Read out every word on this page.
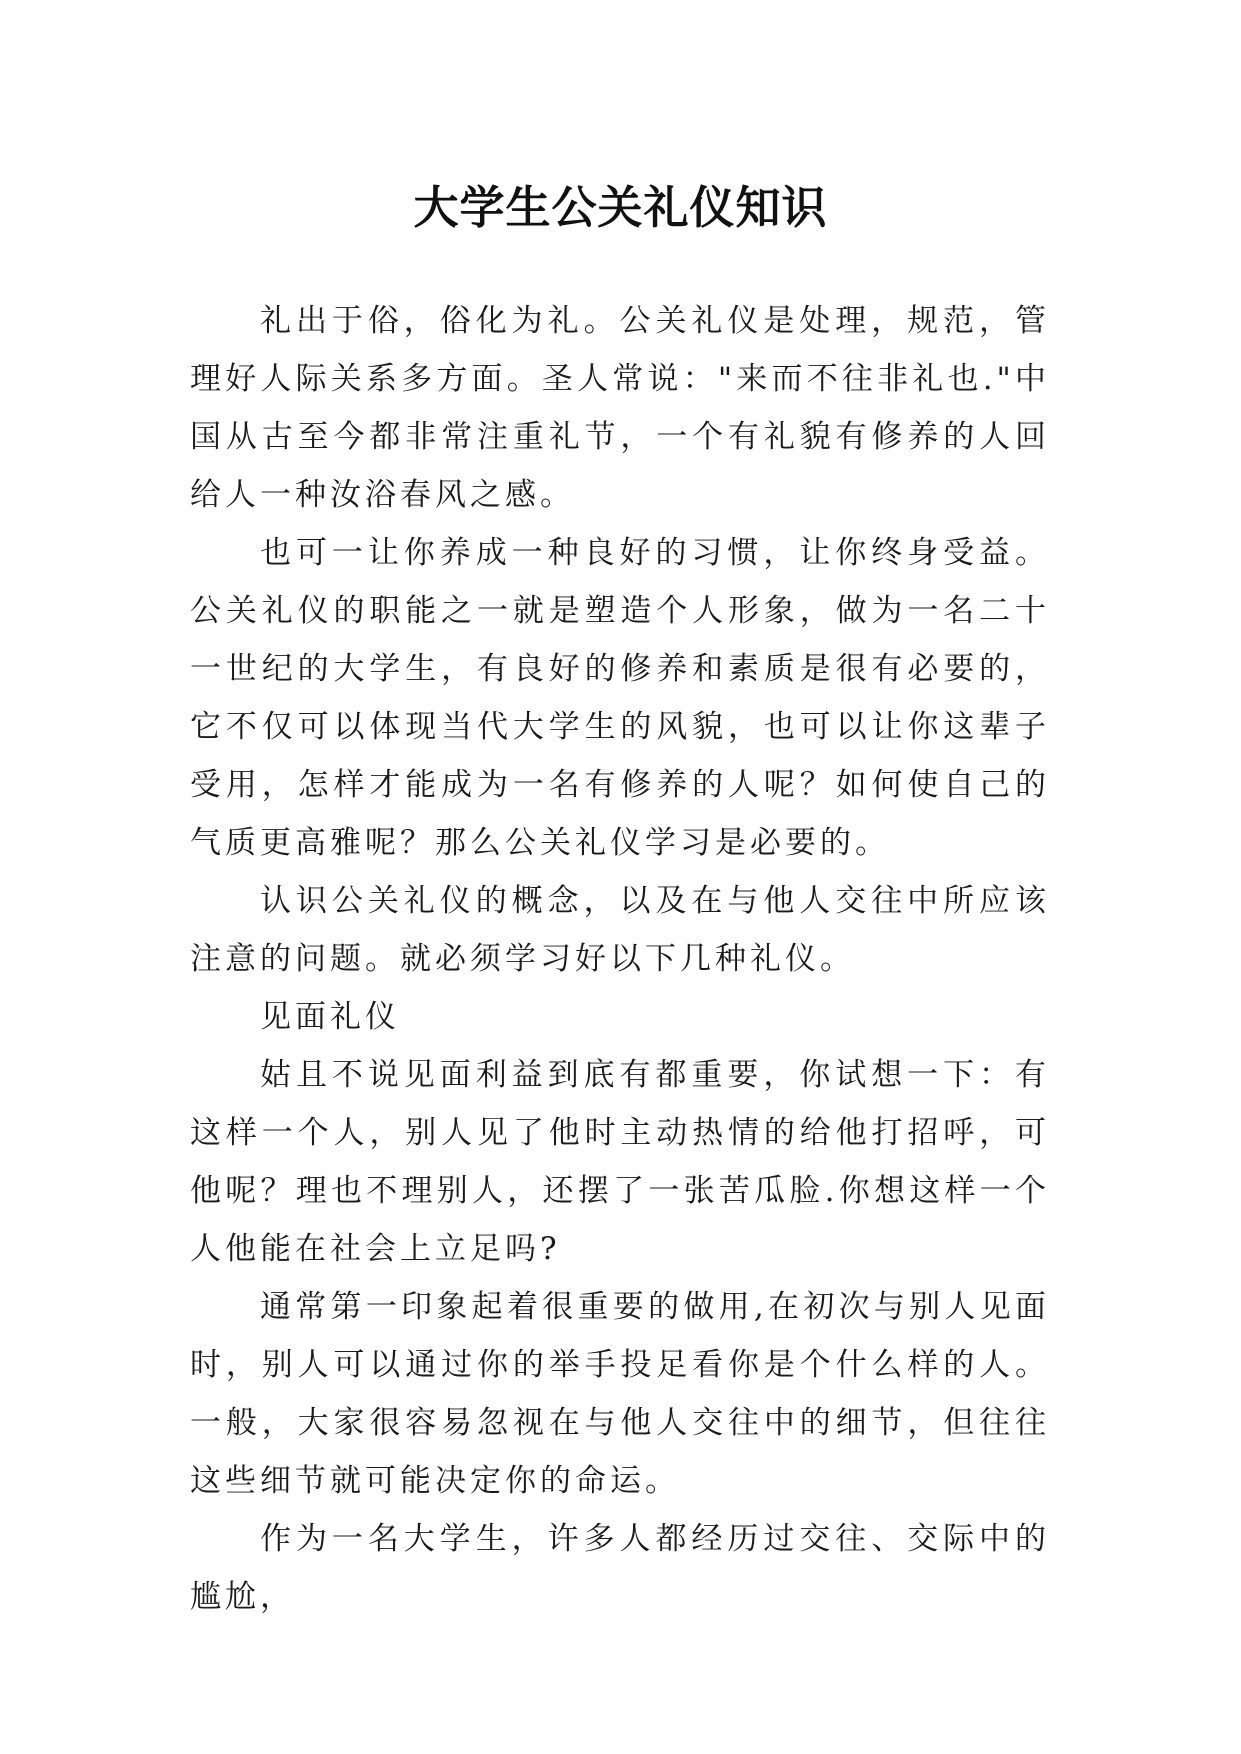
大学生公关礼仪知识

礼出于俗，俗化为礼。公关礼仪是处理，规范，管理好人际关系多方面。圣人常说："来而不往非礼也."中国从古至今都非常注重礼节，一个有礼貌有修养的人回给人一种汝浴春风之感。

也可一让你养成一种良好的习惯，让你终身受益。公关礼仪的职能之一就是塑造个人形象，做为一名二十一世纪的大学生，有良好的修养和素质是很有必要的，它不仅可以体现当代大学生的风貌，也可以让你这辈子受用，怎样才能成为一名有修养的人呢？如何使自己的气质更高雅呢？那么公关礼仪学习是必要的。

认识公关礼仪的概念，以及在与他人交往中所应该注意的问题。就必须学习好以下几种礼仪。

见面礼仪

姑且不说见面利益到底有都重要，你试想一下：有这样一个人，别人见了他时主动热情的给他打招呼，可他呢？理也不理别人，还摆了一张苦瓜脸.你想这样一个人他能在社会上立足吗?

通常第一印象起着很重要的做用,在初次与别人见面时，别人可以通过你的举手投足看你是个什么样的人。一般，大家很容易忽视在与他人交往中的细节，但往往这些细节就可能决定你的命运。

作为一名大学生，许多人都经历过交往、交际中的尴尬，
